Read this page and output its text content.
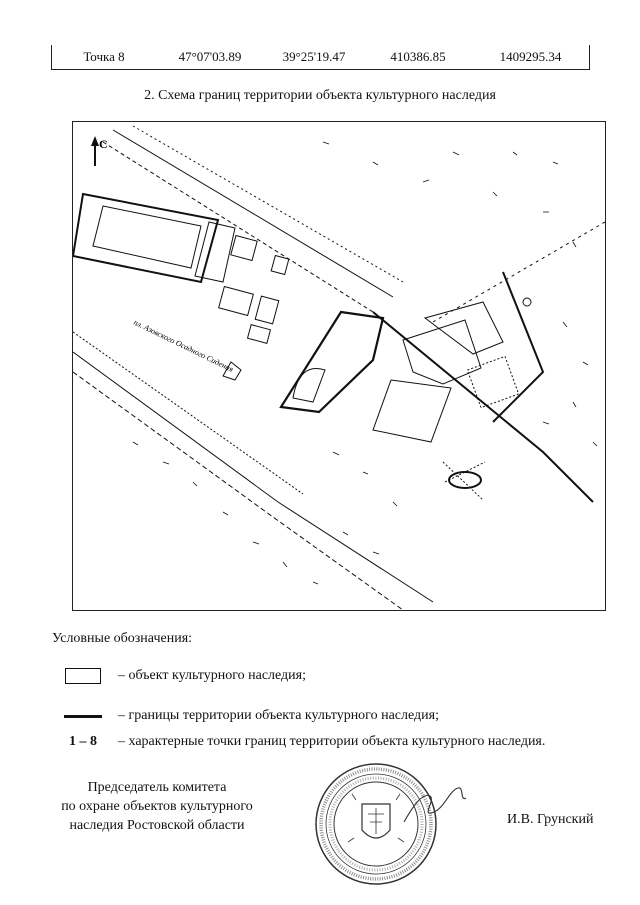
Точка 8	47°07'03.89	39°25'19.47	410386.85	1409295.34
2. Схема границ территории объекта культурного наследия
С
пл. Азовского Осадного Сидения
Условные обозначения:
– объект культурного наследия;
– границы территории объекта культурного наследия;
1 – 8 – характерные точки границ территории объекта культурного наследия.
Председатель комитета
по охране объектов культурного
наследия Ростовской области	И.В. Грунский
